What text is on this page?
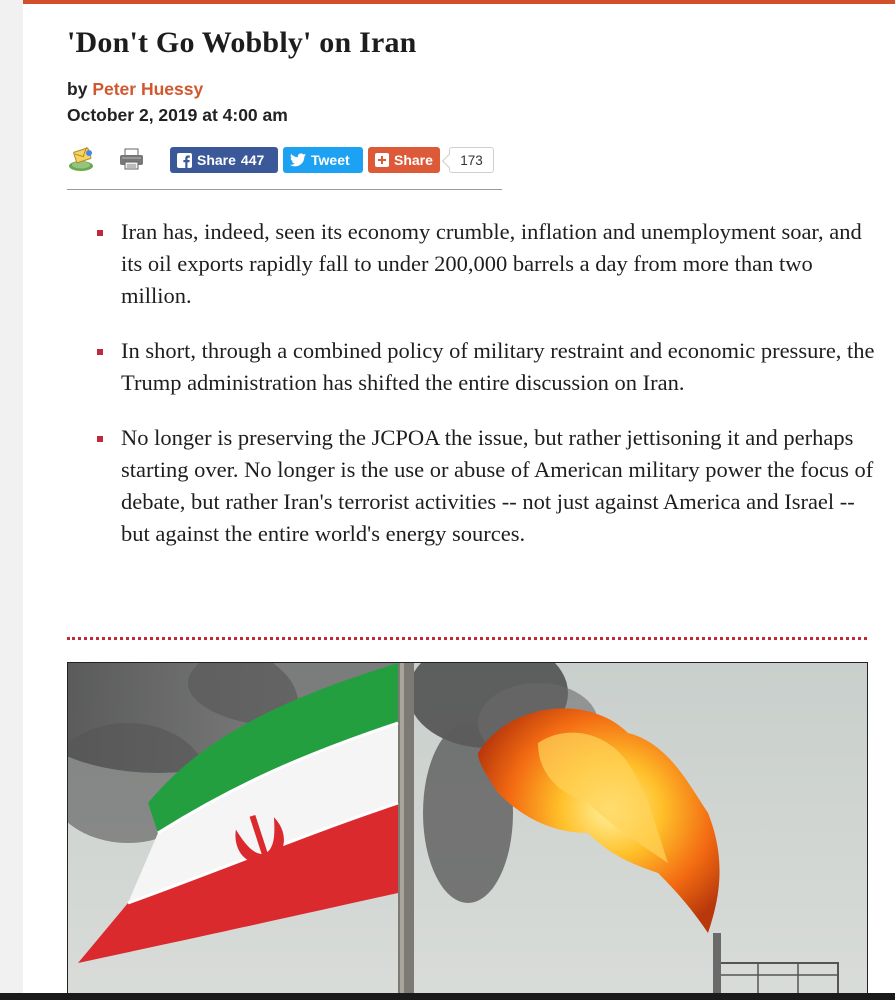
'Don't Go Wobbly' on Iran
by Peter Huessy
October 2, 2019 at 4:00 am
Share 447	Tweet	Share	173
Iran has, indeed, seen its economy crumble, inflation and unemployment soar, and its oil exports rapidly fall to under 200,000 barrels a day from more than two million.
In short, through a combined policy of military restraint and economic pressure, the Trump administration has shifted the entire discussion on Iran.
No longer is preserving the JCPOA the issue, but rather jettisoning it and perhaps starting over. No longer is the use or abuse of American military power the focus of debate, but rather Iran's terrorist activities -- not just against America and Israel -- but against the entire world's energy sources.
